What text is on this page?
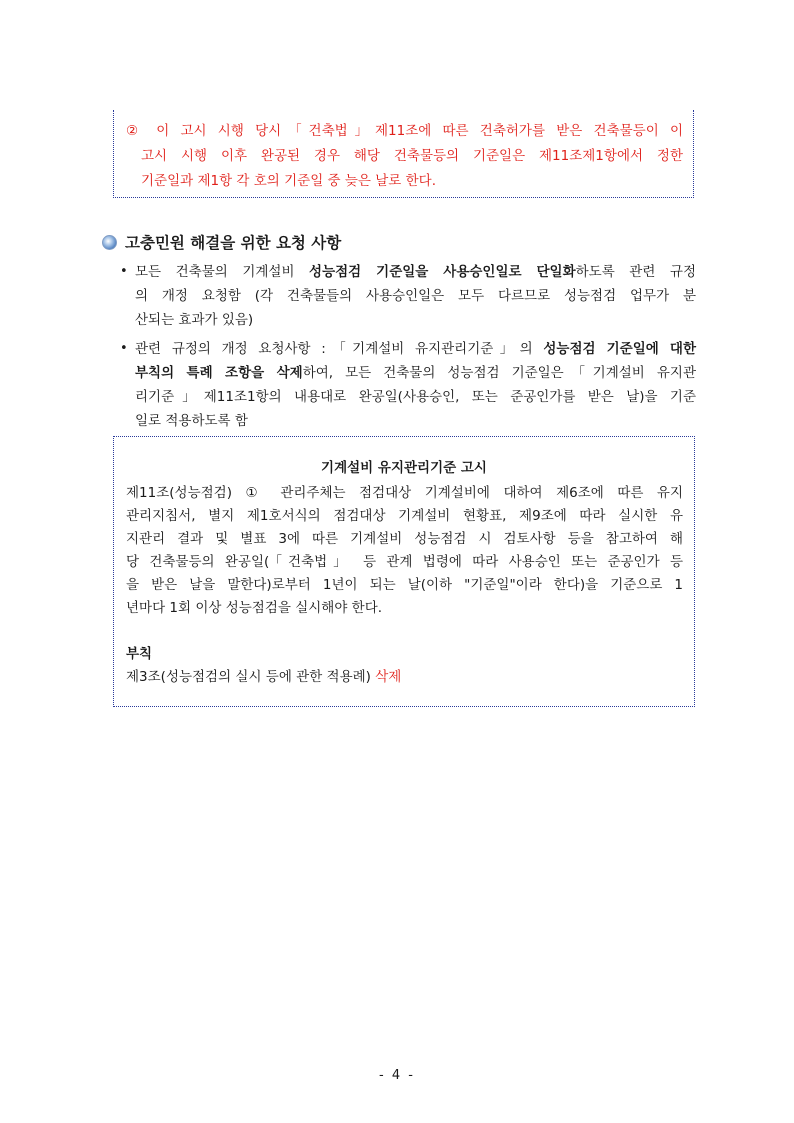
② 이 고시 시행 당시「건축법」제11조에 따른 건축허가를 받은 건축물등이 이
고시 시행 이후 완공된 경우 해당 건축물등의 기준일은 제11조제1항에서 정한
기준일과 제1항 각 호의 기준일 중 늦은 날로 한다.
고충민원 해결을 위한 요청 사항
• 모든 건축물의 기계설비 성능점검 기준일을 사용승인일로 단일화하도록 관련 규정
의 개정 요청함 (각 건축물들의 사용승인일은 모두 다르므로 성능점검 업무가 분
산되는 효과가 있음)
• 관련 규정의 개정 요청사항 :「기계설비 유지관리기준」의 성능점검 기준일에 대한
부칙의 특례 조항을 삭제하여, 모든 건축물의 성능점검 기준일은「기계설비 유지관
리기준」제11조1항의 내용대로 완공일(사용승인, 또는 준공인가를 받은 날)을 기준
일로 적용하도록 함
기계설비 유지관리기준 고시
제11조(성능점검) ① 관리주체는 점검대상 기계설비에 대하여 제6조에 따른 유지
관리지침서, 별지 제1호서식의 점검대상 기계설비 현황표, 제9조에 따라 실시한 유
지관리 결과 및 별표 3에 따른 기계설비 성능점검 시 검토사항 등을 참고하여 해
당 건축물등의 완공일(「건축법」 등 관계 법령에 따라 사용승인 또는 준공인가 등
을 받은 날을 말한다)로부터 1년이 되는 날(이하 "기준일"이라 한다)을 기준으로 1
년마다 1회 이상 성능점검을 실시해야 한다.
부칙
제3조(성능점검의 실시 등에 관한 적용례) 삭제
- 4 -
